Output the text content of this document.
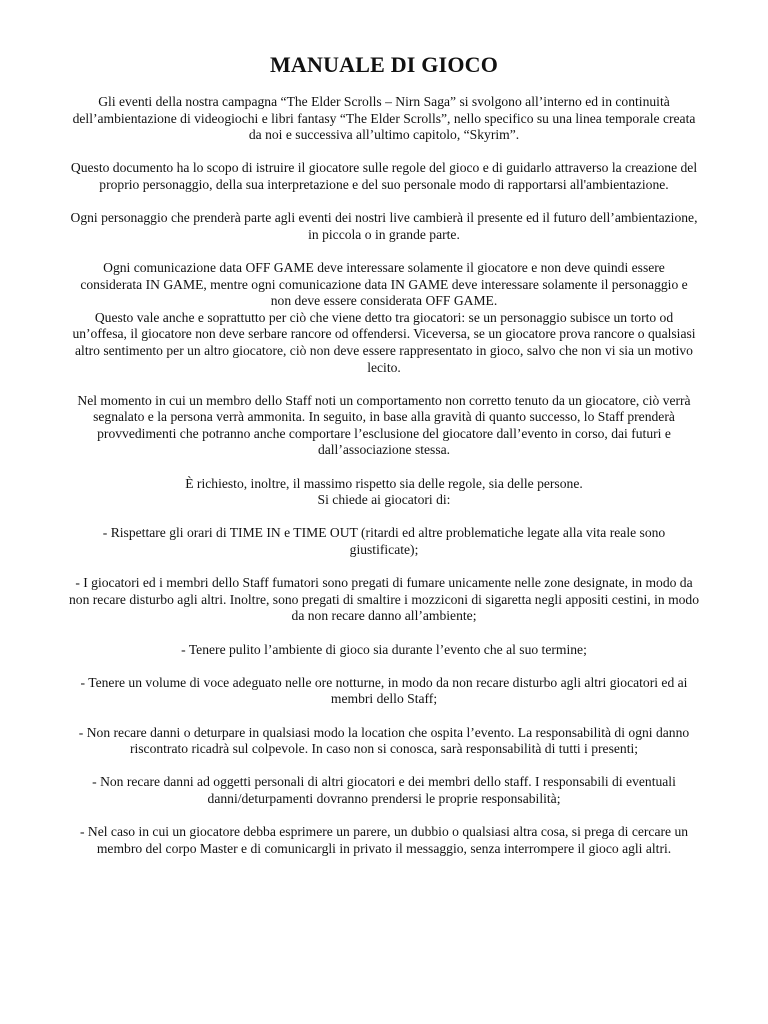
MANUALE DI GIOCO

Gli eventi della nostra campagna “The Elder Scrolls – Nirn Saga” si svolgono all’interno ed in continuità
dell’ambientazione di videogiochi e libri fantasy “The Elder Scrolls”, nello specifico su una linea temporale creata
da noi e successiva all’ultimo capitolo, “Skyrim”.

Questo documento ha lo scopo di istruire il giocatore sulle regole del gioco e di guidarlo attraverso la creazione del
proprio personaggio, della sua interpretazione e del suo personale modo di rapportarsi all'ambientazione.

Ogni personaggio che prenderà parte agli eventi dei nostri live cambierà il presente ed il futuro dell’ambientazione,
in piccola o in grande parte.

Ogni comunicazione data OFF GAME deve interessare solamente il giocatore e non deve quindi essere
considerata IN GAME, mentre ogni comunicazione data IN GAME deve interessare solamente il personaggio e
non deve essere considerata OFF GAME.

Questo vale anche e soprattutto per ciò che viene detto tra giocatori: se un personaggio subisce un torto od
un’offesa, il giocatore non deve serbare rancore od offendersi. Viceversa, se un giocatore prova rancore o qualsiasi
altro sentimento per un altro giocatore, ciò non deve essere rappresentato in gioco, salvo che non vi sia un motivo
lecito.

Nel momento in cui un membro dello Staff noti un comportamento non corretto tenuto da un giocatore, ciò verrà
segnalato e la persona verrà ammonita. In seguito, in base alla gravità di quanto successo, lo Staff prenderà
provvedimenti che potranno anche comportare l’esclusione del giocatore dall’evento in corso, dai futuri e
dall’associazione stessa.

È richiesto, inoltre, il massimo rispetto sia delle regole, sia delle persone.
Si chiede ai giocatori di:

- Rispettare gli orari di TIME IN e TIME OUT (ritardi ed altre problematiche legate alla vita reale sono
giustificate);

- I giocatori ed i membri dello Staff fumatori sono pregati di fumare unicamente nelle zone designate, in modo da
non recare disturbo agli altri. Inoltre, sono pregati di smaltire i mozziconi di sigaretta negli appositi cestini, in modo
da non recare danno all’ambiente;

- Tenere pulito l’ambiente di gioco sia durante l’evento che al suo termine;

- Tenere un volume di voce adeguato nelle ore notturne, in modo da non recare disturbo agli altri giocatori ed ai
membri dello Staff;

- Non recare danni o deturpare in qualsiasi modo la location che ospita l’evento. La responsabilità di ogni danno
riscontrato ricadrà sul colpevole. In caso non si conosca, sarà responsabilità di tutti i presenti;

- Non recare danni ad oggetti personali di altri giocatori e dei membri dello staff. I responsabili di eventuali
danni/deturpamenti dovranno prendersi le proprie responsabilità;

- Nel caso in cui un giocatore debba esprimere un parere, un dubbio o qualsiasi altra cosa, si prega di cercare un
membro del corpo Master e di comunicargli in privato il messaggio, senza interrompere il gioco agli altri.
